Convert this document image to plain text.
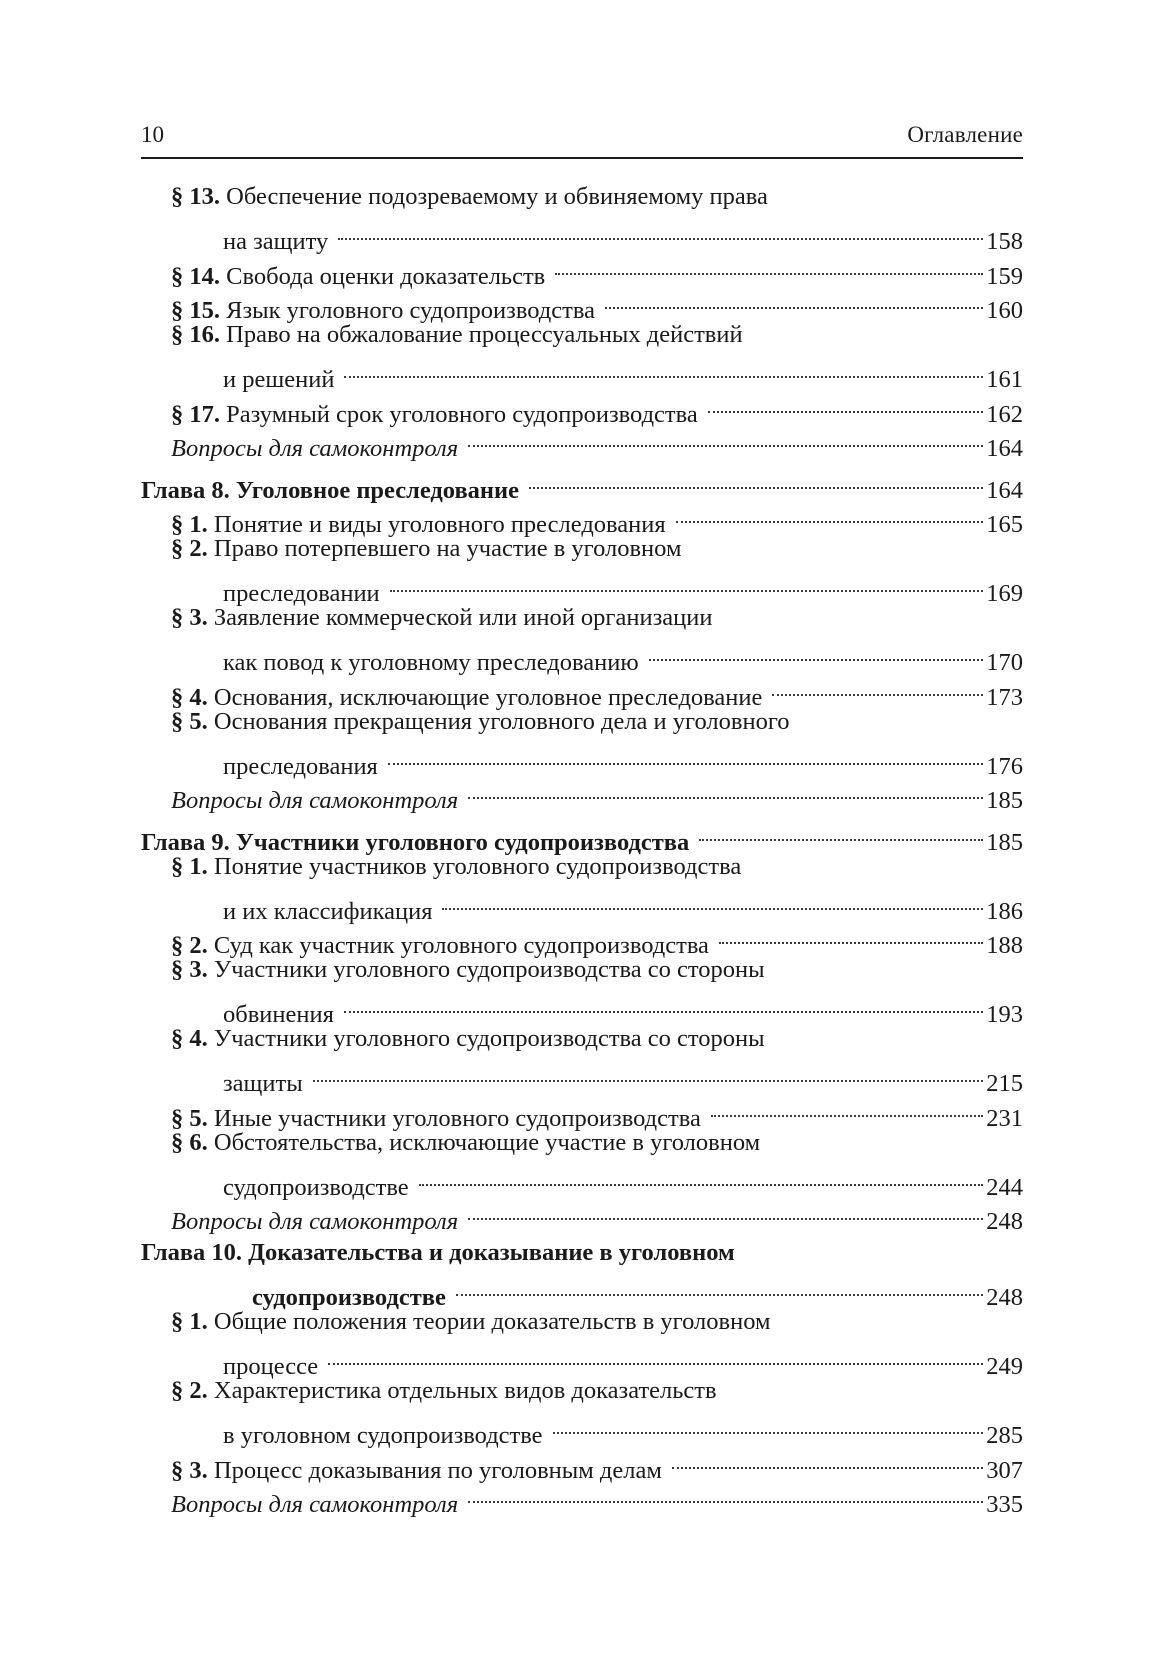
10	Оглавление
§ 13. Обеспечение подозреваемому и обвиняемому права
на защиту	158
§ 14. Свобода оценки доказательств	159
§ 15. Язык уголовного судопроизводства	160
§ 16. Право на обжалование процессуальных действий
и решений	161
§ 17. Разумный срок уголовного судопроизводства	162
Вопросы для самоконтроля	164
Глава 8. Уголовное преследование	164
§ 1. Понятие и виды уголовного преследования	165
§ 2. Право потерпевшего на участие в уголовном
преследовании	169
§ 3. Заявление коммерческой или иной организации
как повод к уголовному преследованию	170
§ 4. Основания, исключающие уголовное преследование	173
§ 5. Основания прекращения уголовного дела и уголовного
преследования	176
Вопросы для самоконтроля	185
Глава 9. Участники уголовного судопроизводства	185
§ 1. Понятие участников уголовного судопроизводства
и их классификация	186
§ 2. Суд как участник уголовного судопроизводства	188
§ 3. Участники уголовного судопроизводства со стороны
обвинения	193
§ 4. Участники уголовного судопроизводства со стороны
защиты	215
§ 5. Иные участники уголовного судопроизводства	231
§ 6. Обстоятельства, исключающие участие в уголовном
судопроизводстве	244
Вопросы для самоконтроля	248
Глава 10. Доказательства и доказывание в уголовном
судопроизводстве	248
§ 1. Общие положения теории доказательств в уголовном
процессе	249
§ 2. Характеристика отдельных видов доказательств
в уголовном судопроизводстве	285
§ 3. Процесс доказывания по уголовным делам	307
Вопросы для самоконтроля	335
